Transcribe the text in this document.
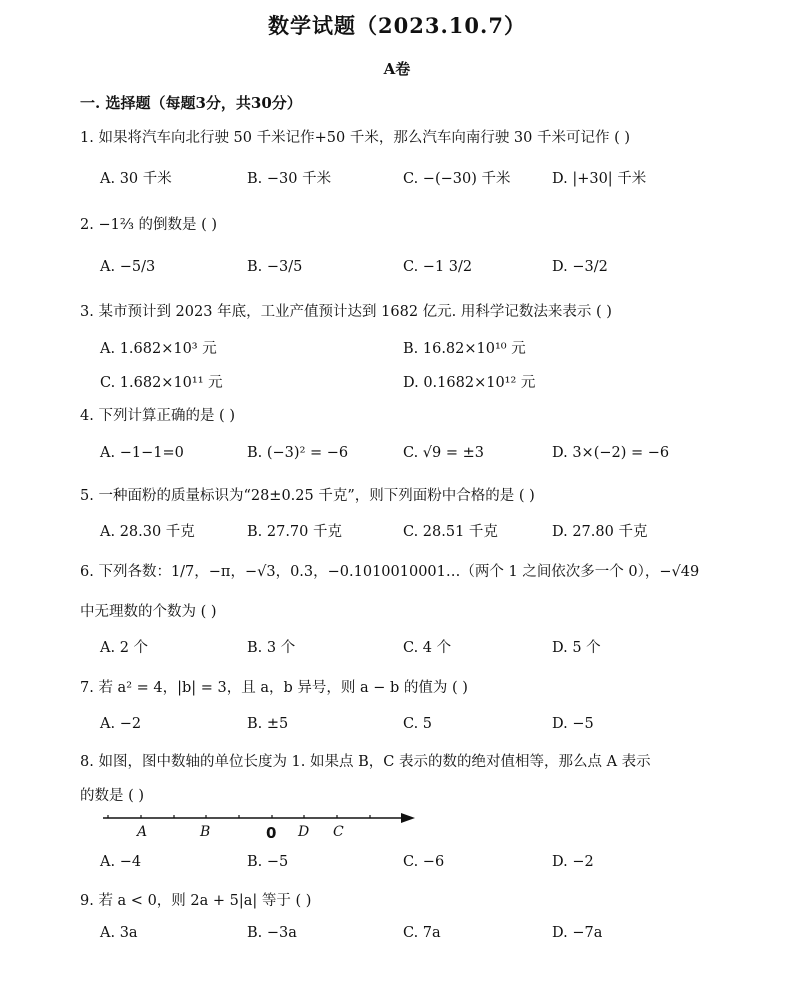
数学试题（2023.10.7）
A卷
一. 选择题（每题3分，共30分）
1. 如果将汽车向北行驶 50 千米记作+50 千米，那么汽车向南行驶 30 千米可记作 ( )
A. 30 千米	B. −30 千米	C. −(−30) 千米	D. |+30| 千米
2. −1⅔ 的倒数是 ( )
A. −5/3	B. −3/5	C. −1 3/2	D. −3/2
3. 某市预计到 2023 年底，工业产值预计达到 1682 亿元. 用科学记数法来表示 ( )
A. 1.682×10³ 元	B. 16.82×10¹⁰ 元
C. 1.682×10¹¹ 元	D. 0.1682×10¹² 元
4. 下列计算正确的是 ( )
A. −1−1=0	B. (−3)² = −6	C. √9 = ±3	D. 3×(−2) = −6
5. 一种面粉的质量标识为“28±0.25 千克”，则下列面粉中合格的是 ( )
A. 28.30 千克	B. 27.70 千克	C. 28.51 千克	D. 27.80 千克
6. 下列各数：1/7，−π，−√3，0.3，−0.1010010001…（两个 1 之间依次多一个 0），−√49
中无理数的个数为 ( )
A. 2 个	B. 3 个	C. 4 个	D. 5 个
7. 若 a² = 4，|b| = 3，且 a，b 异号，则 a − b 的值为 ( )
A. −2	B. ±5	C. 5	D. −5
8. 如图，图中数轴的单位长度为 1. 如果点 B，C 表示的数的绝对值相等，那么点 A 表示
的数是 ( )
A	B	0 D C
A. −4	B. −5	C. −6	D. −2
9. 若 a < 0，则 2a + 5|a| 等于 ( )
A. 3a	B. −3a	C. 7a	D. −7a
